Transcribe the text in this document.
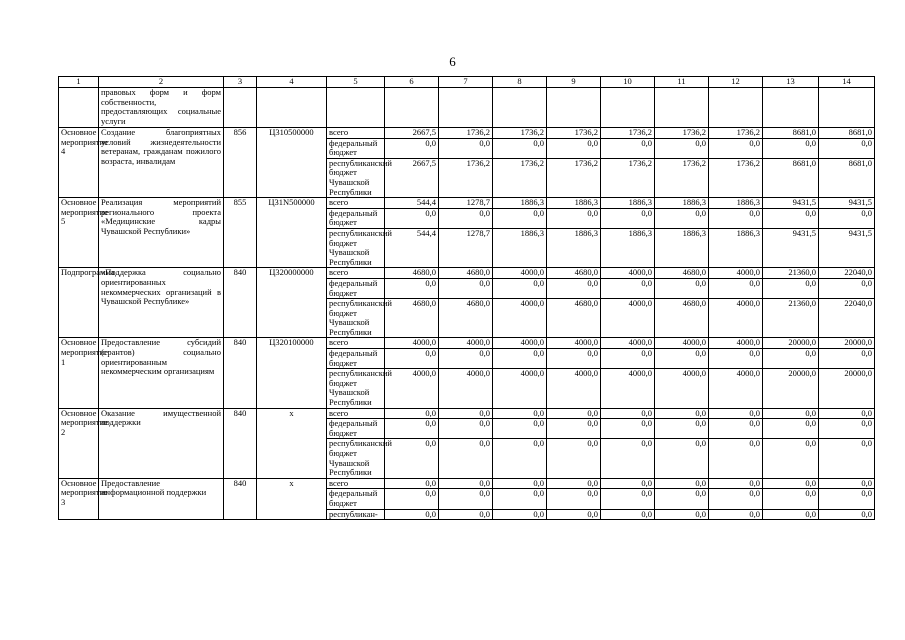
6
1	2	3	4	5	6	7	8	9	10	11	12	13	14
	правовых форм и форм собственности, предоставляющих социальные услуги												
Основное мероприятие 4	Создание благоприятных условий жизнедеятельности ветеранам, гражданам пожилого возраста, инвалидам	856	Ц310500000	всего	2667,5	1736,2	1736,2	1736,2	1736,2	1736,2	1736,2	8681,0	8681,0
				федеральный бюджет	0,0	0,0	0,0	0,0	0,0	0,0	0,0	0,0	0,0
				республиканский бюджет Чувашской Республики	2667,5	1736,2	1736,2	1736,2	1736,2	1736,2	1736,2	8681,0	8681,0
Основное мероприятие 5	Реализация мероприятий регионального проекта «Медицинские кадры Чувашской Республики»	855	Ц31N500000	всего	544,4	1278,7	1886,3	1886,3	1886,3	1886,3	1886,3	9431,5	9431,5
				федеральный бюджет	0,0	0,0	0,0	0,0	0,0	0,0	0,0	0,0	0,0
				республиканский бюджет Чувашской Республики	544,4	1278,7	1886,3	1886,3	1886,3	1886,3	1886,3	9431,5	9431,5
Подпрограмма	«Поддержка социально ориентированных некоммерческих организаций в Чувашской Республике»	840	Ц320000000	всего	4680,0	4680,0	4000,0	4680,0	4000,0	4680,0	4000,0	21360,0	22040,0
				федеральный бюджет	0,0	0,0	0,0	0,0	0,0	0,0	0,0	0,0	0,0
				республиканский бюджет Чувашской Республики	4680,0	4680,0	4000,0	4680,0	4000,0	4680,0	4000,0	21360,0	22040,0
Основное мероприятие 1	Предоставление субсидий (грантов) социально ориентированным некоммерческим организациям	840	Ц320100000	всего	4000,0	4000,0	4000,0	4000,0	4000,0	4000,0	4000,0	20000,0	20000,0
				федеральный бюджет	0,0	0,0	0,0	0,0	0,0	0,0	0,0	0,0	0,0
				республиканский бюджет Чувашской Республики	4000,0	4000,0	4000,0	4000,0	4000,0	4000,0	4000,0	20000,0	20000,0
Основное мероприятие 2	Оказание имущественной поддержки	840	х	всего	0,0	0,0	0,0	0,0	0,0	0,0	0,0	0,0	0,0
				федеральный бюджет	0,0	0,0	0,0	0,0	0,0	0,0	0,0	0,0	0,0
				республиканский бюджет Чувашской Республики	0,0	0,0	0,0	0,0	0,0	0,0	0,0	0,0	0,0
Основное мероприятие 3	Предоставление информационной поддержки	840	х	всего	0,0	0,0	0,0	0,0	0,0	0,0	0,0	0,0	0,0
				федеральный бюджет	0,0	0,0	0,0	0,0	0,0	0,0	0,0	0,0	0,0
				республикан-	0,0	0,0	0,0	0,0	0,0	0,0	0,0	0,0	0,0
